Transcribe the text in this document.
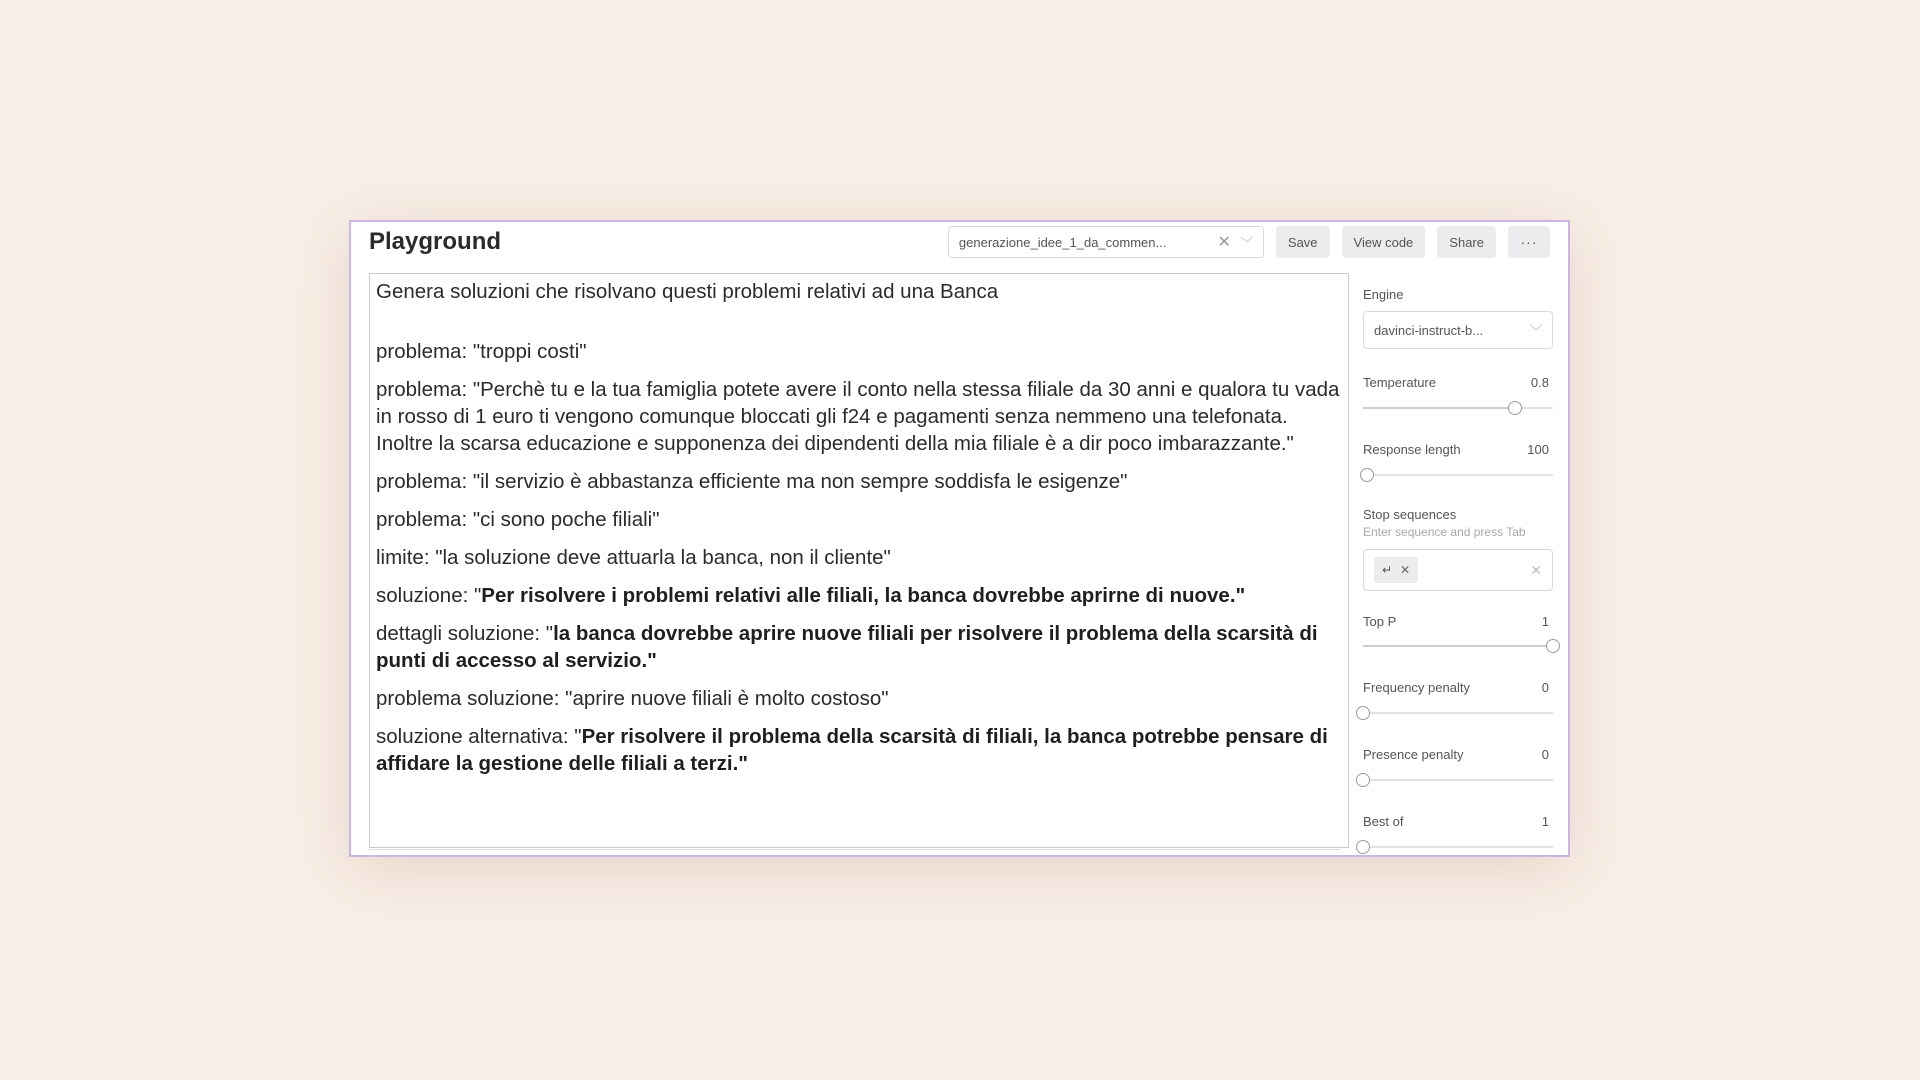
Playground	generazione_idee_1_da_commen...	✕ ﹀	Save	View code	Share	···

Genera soluzioni che risolvano questi problemi relativi ad una Banca

problema: "troppi costi"

problema: "Perchè tu e la tua famiglia potete avere il conto nella stessa filiale da 30 anni e qualora tu vada in rosso di 1 euro ti vengono comunque bloccati gli f24 e pagamenti senza nemmeno una telefonata. Inoltre la scarsa educazione e supponenza dei dipendenti della mia filiale è a dir poco imbarazzante."

problema: "il servizio è abbastanza efficiente ma non sempre soddisfa le esigenze"

problema: "ci sono poche filiali"

limite: "la soluzione deve attuarla la banca, non il cliente"

soluzione: "Per risolvere i problemi relativi alle filiali, la banca dovrebbe aprirne di nuove."

dettagli soluzione: "la banca dovrebbe aprire nuove filiali per risolvere il problema della scarsità di punti di accesso al servizio."

problema soluzione: "aprire nuove filiali è molto costoso"

soluzione alternativa: "Per risolvere il problema della scarsità di filiali, la banca potrebbe pensare di affidare la gestione delle filiali a terzi."

Engine
davinci-instruct-b...	﹀
Temperature	0.8
Response length	100
Stop sequences
Enter sequence and press Tab
↵ ✕	✕
Top P	1
Frequency penalty	0
Presence penalty	0
Best of	1
